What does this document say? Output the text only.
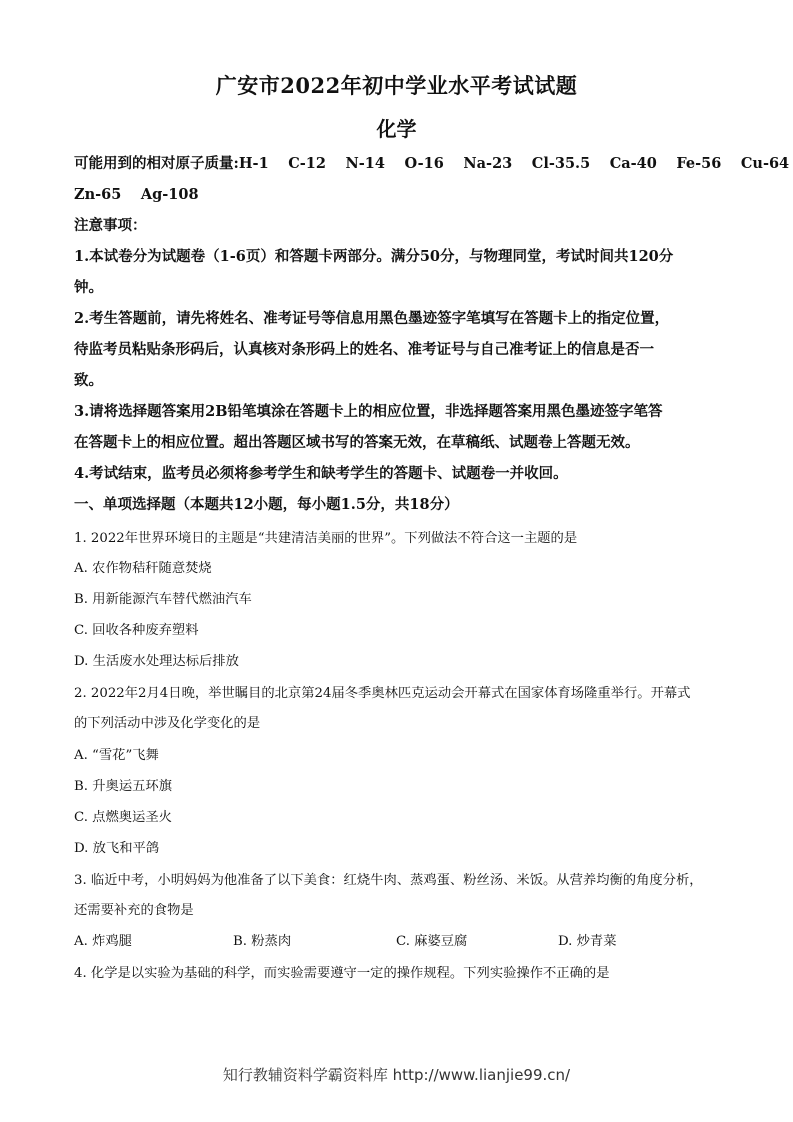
广安市2022年初中学业水平考试试题
化学
可能用到的相对原子质量:H-1　 C-12　 N-14　 O-16　 Na-23　 Cl-35.5　 Ca-40　 Fe-56　 Cu-64
Zn-65　 Ag-108
注意事项：
1.本试卷分为试题卷（1-6页）和答题卡两部分。满分50分，与物理同堂，考试时间共120分
钟。
2.考生答题前，请先将姓名、准考证号等信息用黑色墨迹签字笔填写在答题卡上的指定位置，
待监考员粘贴条形码后，认真核对条形码上的姓名、准考证号与自己准考证上的信息是否一
致。
3.请将选择题答案用2B铅笔填涂在答题卡上的相应位置，非选择题答案用黑色墨迹签字笔答
在答题卡上的相应位置。超出答题区域书写的答案无效，在草稿纸、试题卷上答题无效。
4.考试结束，监考员必须将参考学生和缺考学生的答题卡、试题卷一并收回。
一、单项选择题（本题共12小题，每小题1.5分，共18分）
1. 2022年世界环境日的主题是“共建清洁美丽的世界”。下列做法不符合这一主题的是
A. 农作物秸秆随意焚烧
B. 用新能源汽车替代燃油汽车
C. 回收各种废弃塑料
D. 生活废水处理达标后排放
2. 2022年2月4日晚，举世瞩目的北京第24届冬季奥林匹克运动会开幕式在国家体育场隆重举行。开幕式
的下列活动中涉及化学变化的是
A. “雪花”飞舞
B. 升奥运五环旗
C. 点燃奥运圣火
D. 放飞和平鸽
3. 临近中考，小明妈妈为他准备了以下美食：红烧牛肉、蒸鸡蛋、粉丝汤、米饭。从营养均衡的角度分析，
还需要补充的食物是
A. 炸鸡腿	B. 粉蒸肉	C. 麻婆豆腐	D. 炒青菜
4. 化学是以实验为基础的科学，而实验需要遵守一定的操作规程。下列实验操作不正确的是
知行教辅资料学霸资料库 http://www.lianjie99.cn/
